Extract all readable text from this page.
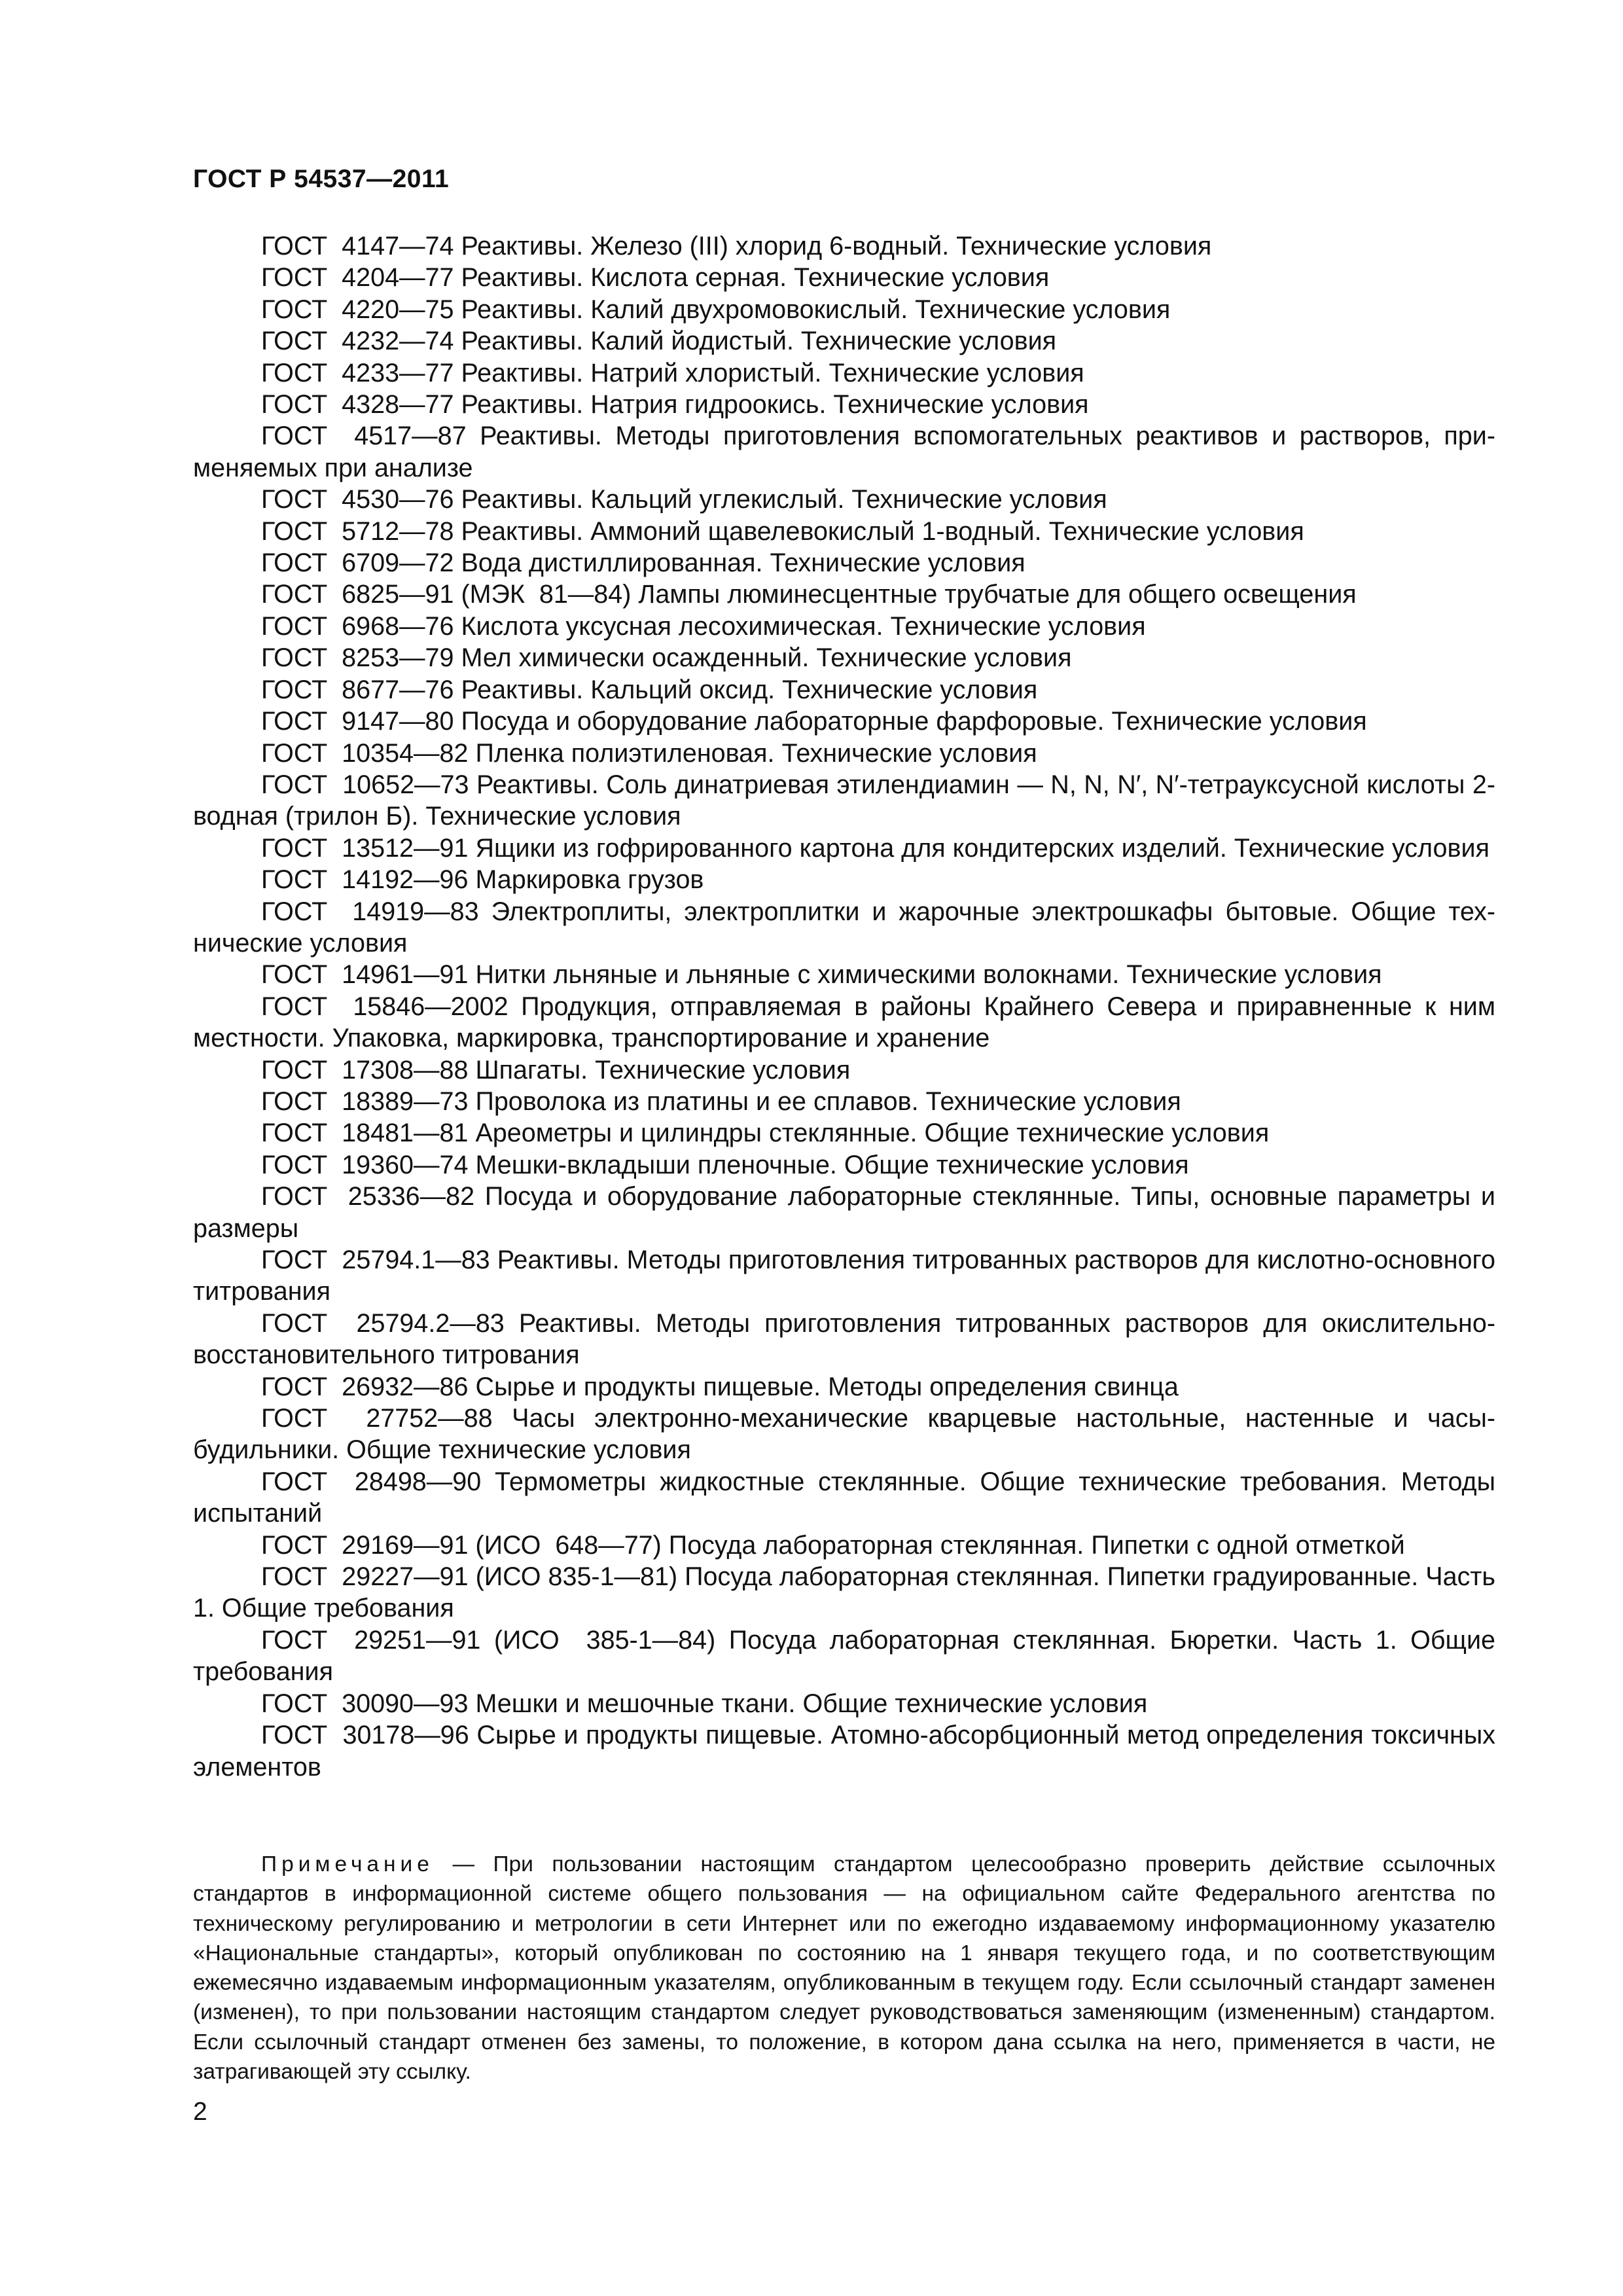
ГОСТ Р 54537—2011

ГОСТ  4147—74 Реактивы. Железо (III) хлорид 6-водный. Технические условия

ГОСТ  4204—77 Реактивы. Кислота серная. Технические условия

ГОСТ  4220—75 Реактивы. Калий двухромовокислый. Технические условия

ГОСТ  4232—74 Реактивы. Калий йодистый. Технические условия

ГОСТ  4233—77 Реактивы. Натрий хлористый. Технические условия

ГОСТ  4328—77 Реактивы. Натрия гидроокись. Технические условия

ГОСТ  4517—87 Реактивы. Методы приготовления вспомогательных реактивов и растворов, применяемых при анализе

ГОСТ  4530—76 Реактивы. Кальций углекислый. Технические условия

ГОСТ  5712—78 Реактивы. Аммоний щавелевокислый 1-водный. Технические условия

ГОСТ  6709—72 Вода дистиллированная. Технические условия

ГОСТ  6825—91 (МЭК  81—84) Лампы люминесцентные трубчатые для общего освещения

ГОСТ  6968—76 Кислота уксусная лесохимическая. Технические условия

ГОСТ  8253—79 Мел химически осажденный. Технические условия

ГОСТ  8677—76 Реактивы. Кальций оксид. Технические условия

ГОСТ  9147—80 Посуда и оборудование лабораторные фарфоровые. Технические условия

ГОСТ  10354—82 Пленка полиэтиленовая. Технические условия

ГОСТ  10652—73 Реактивы. Соль динатриевая этилендиамин — N, N, N′, N′-тетрауксусной кислоты 2-водная (трилон Б). Технические условия

ГОСТ  13512—91 Ящики из гофрированного картона для кондитерских изделий. Технические условия

ГОСТ  14192—96 Маркировка грузов

ГОСТ  14919—83 Электроплиты, электроплитки и жарочные электрошкафы бытовые. Общие технические условия

ГОСТ  14961—91 Нитки льняные и льняные с химическими волокнами. Технические условия

ГОСТ  15846—2002 Продукция, отправляемая в районы Крайнего Севера и приравненные к ним местности. Упаковка, маркировка, транспортирование и хранение

ГОСТ  17308—88 Шпагаты. Технические условия

ГОСТ  18389—73 Проволока из платины и ее сплавов. Технические условия

ГОСТ  18481—81 Ареометры и цилиндры стеклянные. Общие технические условия

ГОСТ  19360—74 Мешки-вкладыши пленочные. Общие технические условия

ГОСТ  25336—82 Посуда и оборудование лабораторные стеклянные. Типы, основные параметры и размеры

ГОСТ  25794.1—83 Реактивы. Методы приготовления титрованных растворов для кислотно-основного титрования

ГОСТ  25794.2—83 Реактивы. Методы приготовления титрованных растворов для окислительно-восстановительного титрования

ГОСТ  26932—86 Сырье и продукты пищевые. Методы определения свинца

ГОСТ  27752—88 Часы электронно-механические кварцевые настольные, настенные и часы-будильники. Общие технические условия

ГОСТ  28498—90 Термометры жидкостные стеклянные. Общие технические требования. Методы испытаний

ГОСТ  29169—91 (ИСО  648—77) Посуда лабораторная стеклянная. Пипетки с одной отметкой

ГОСТ  29227—91 (ИСО 835-1—81) Посуда лабораторная стеклянная. Пипетки градуированные. Часть 1. Общие требования

ГОСТ  29251—91 (ИСО  385-1—84) Посуда лабораторная стеклянная. Бюретки. Часть 1. Общие требования

ГОСТ  30090—93 Мешки и мешочные ткани. Общие технические условия

ГОСТ  30178—96 Сырье и продукты пищевые. Атомно-абсорбционный метод определения токсичных элементов

Примечание — При пользовании настоящим стандартом целесообразно проверить действие ссылочных стандартов в информационной системе общего пользования — на официальном сайте Федерального агентства по техническому регулированию и метрологии в сети Интернет или по ежегодно издаваемому информационному указателю «Национальные стандарты», который опубликован по состоянию на 1 января текущего года, и по соответствующим ежемесячно издаваемым информационным указателям, опубликованным в текущем году. Если ссылочный стандарт заменен (изменен), то при пользовании настоящим стандартом следует руководствоваться заменяющим (измененным) стандартом. Если ссылочный стандарт отменен без замены, то положение, в котором дана ссылка на него, применяется в части, не затрагивающей эту ссылку.

2
